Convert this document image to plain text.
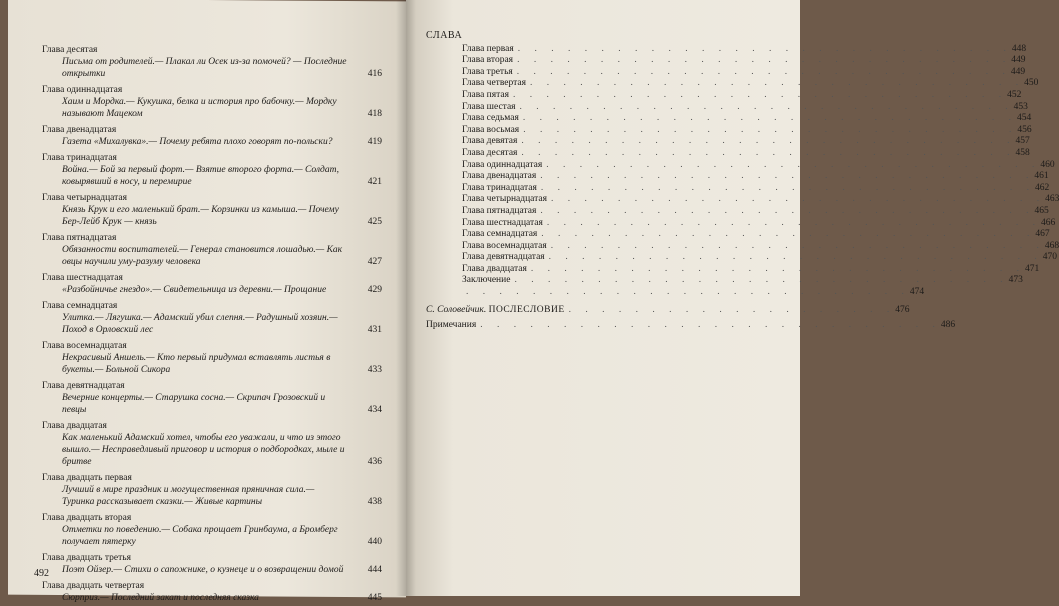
Глава десятая
Письма от родителей.— Плакал ли Осек из-за помочей? — Последние открытки	416
Глава одиннадцатая
Хаим и Мордка.— Кукушка, белка и история про бабочку.— Мордку называют Мацеком	418
Глава двенадцатая
Газета «Михалувка».— Почему ребята плохо говорят по-польски?	419
Глава тринадцатая
Война.— Бой за первый форт.— Взятие второго форта.— Солдат, ковырявший в носу, и перемирие	421
Глава четырнадцатая
Князь Крук и его маленький брат.— Корзинки из камыша.— Почему Бер-Лейб Крук — князь	425
Глава пятнадцатая
Обязанности воспитателей.— Генерал становится лошадью.— Как овцы научили уму-разуму человека	427
Глава шестнадцатая
«Разбойничье гнездо».— Свидетельница из деревни.— Прощание	429
Глава семнадцатая
Улитка.— Лягушка.— Адамский убил слепня.— Радушный хозяин.— Поход в Орловский лес	431
Глава восемнадцатая
Некрасивый Аншель.— Кто первый придумал вставлять листья в букеты.— Больной Сикора	433
Глава девятнадцатая
Вечерние концерты.— Старушка сосна.— Скрипач Грозовский и певцы	434
Глава двадцатая
Как маленький Адамский хотел, чтобы его уважали, и что из этого вышло.— Несправедливый приговор и история о подбородках, мыле и бритве	436
Глава двадцать первая
Лучший в мире праздник и могущественная пряничная сила.— Туринка рассказывает сказки.— Живые картины	438
Глава двадцать вторая
Отметки по поведению.— Собака прощает Гринбаума, а Бромберг получает пятерку	440
Глава двадцать третья
Поэт Ойзер.— Стихи о сапожнике, о кузнеце и о возвращении домой	444
Глава двадцать четвертая
Сюрприз.— Последний закат и последняя сказка	445
492
СЛАВА
Глава первая . . . . . . . . . . . . . . . . . . . . . . . . . . . . . . 448
Глава вторая . . . . . . . . . . . . . . . . . . . . . . . . . . . . . . 449
Глава третья . . . . . . . . . . . . . . . . . . . . . . . . . . . . . . 449
Глава четвертая . . . . . . . . . . . . . . . . . . . . . . . . . . . . . . 450
Глава пятая . . . . . . . . . . . . . . . . . . . . . . . . . . . . . . 452
Глава шестая . . . . . . . . . . . . . . . . . . . . . . . . . . . . . . 453
Глава седьмая . . . . . . . . . . . . . . . . . . . . . . . . . . . . . . 454
Глава восьмая . . . . . . . . . . . . . . . . . . . . . . . . . . . . . . 456
Глава девятая . . . . . . . . . . . . . . . . . . . . . . . . . . . . . . 457
Глава десятая . . . . . . . . . . . . . . . . . . . . . . . . . . . . . . 458
Глава одиннадцатая . . . . . . . . . . . . . . . . . . . . . . . . . . . . . . 460
Глава двенадцатая . . . . . . . . . . . . . . . . . . . . . . . . . . . . . . 461
Глава тринадцатая . . . . . . . . . . . . . . . . . . . . . . . . . . . . . . 462
Глава четырнадцатая . . . . . . . . . . . . . . . . . . . . . . . . . . . . . . 463
Глава пятнадцатая . . . . . . . . . . . . . . . . . . . . . . . . . . . . . . 465
Глава шестнадцатая . . . . . . . . . . . . . . . . . . . . . . . . . . . . . . 466
Глава семнадцатая . . . . . . . . . . . . . . . . . . . . . . . . . . . . . . 467
Глава восемнадцатая . . . . . . . . . . . . . . . . . . . . . . . . . . . . . . 468
Глава девятнадцатая . . . . . . . . . . . . . . . . . . . . . . . . . . . . . . 470
Глава двадцатая . . . . . . . . . . . . . . . . . . . . . . . . . . . . . . 471
Заключение . . . . . . . . . . . . . . . . . . . . . . . . . . . . . . 473
. . . . . . . . . . . . . . . . . . . . . . . . . . . 474
С. Соловейчик. ПОСЛЕСЛОВИЕ . . . . . . . . . . . . . . . . . . . . 476
Примечания . . . . . . . . . . . . . . . . . . . . . . . . . . . . 486
